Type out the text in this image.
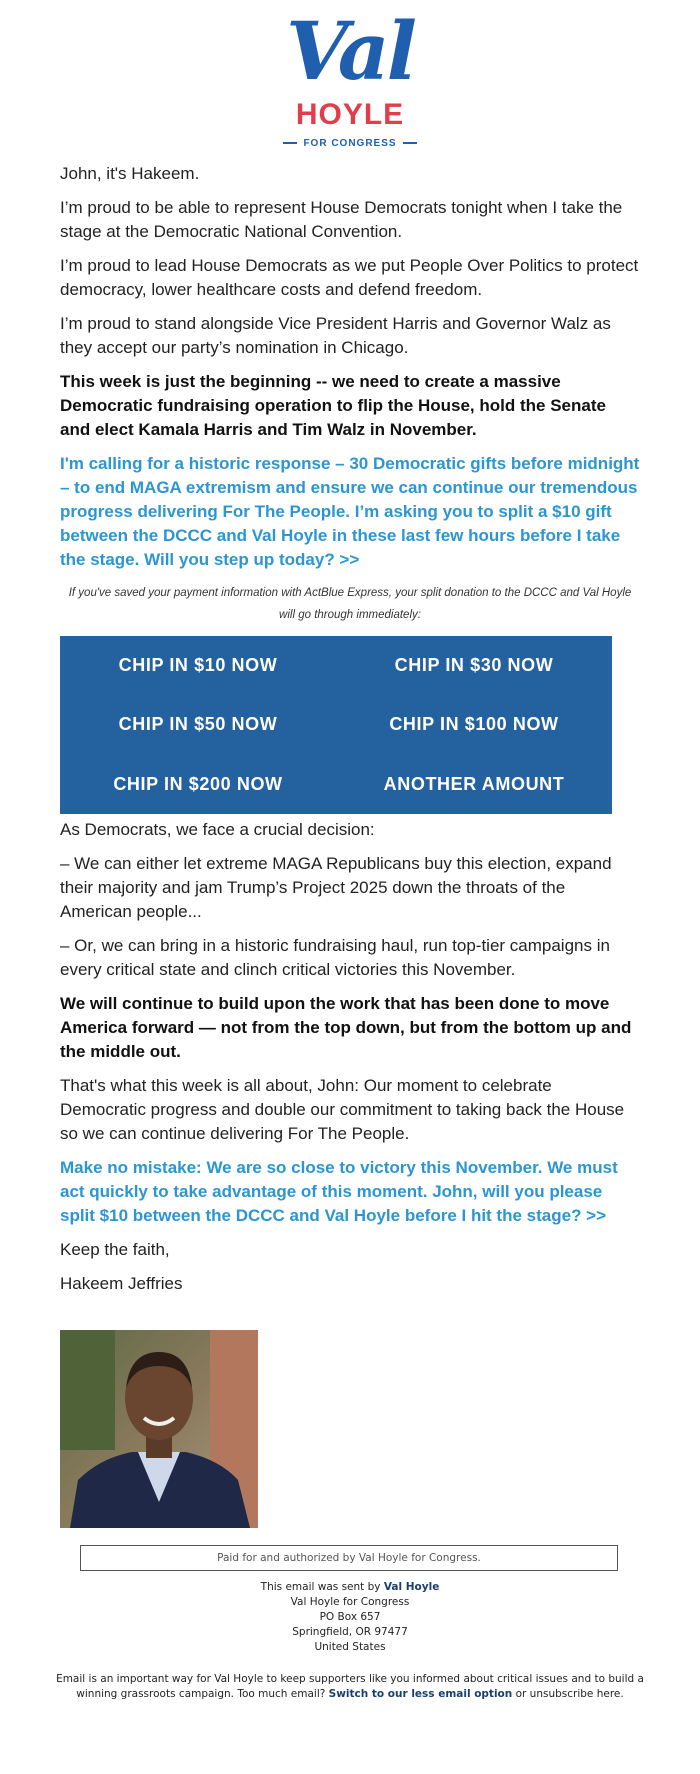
Val
HOYLE
FOR CONGRESS

John, it's Hakeem.

I’m proud to be able to represent House Democrats tonight when I take the stage at the Democratic National Convention.

I’m proud to lead House Democrats as we put People Over Politics to protect democracy, lower healthcare costs and defend freedom.

I’m proud to stand alongside Vice President Harris and Governor Walz as they accept our party’s nomination in Chicago.

This week is just the beginning -- we need to create a massive Democratic fundraising operation to flip the House, hold the Senate and elect Kamala Harris and Tim Walz in November.

I'm calling for a historic response – 30 Democratic gifts before midnight – to end MAGA extremism and ensure we can continue our tremendous progress delivering For The People. I’m asking you to split a $10 gift between the DCCC and Val Hoyle in these last few hours before I take the stage. Will you step up today? >>

If you've saved your payment information with ActBlue Express, your split donation to the DCCC and Val Hoyle will go through immediately:
CHIP IN $10 NOW	CHIP IN $30 NOW
CHIP IN $50 NOW	CHIP IN $100 NOW
CHIP IN $200 NOW	ANOTHER AMOUNT

As Democrats, we face a crucial decision:

– We can either let extreme MAGA Republicans buy this election, expand their majority and jam Trump’s Project 2025 down the throats of the American people...

– Or, we can bring in a historic fundraising haul, run top-tier campaigns in every critical state and clinch critical victories this November.

We will continue to build upon the work that has been done to move America forward — not from the top down, but from the bottom up and the middle out.

That's what this week is all about, John: Our moment to celebrate Democratic progress and double our commitment to taking back the House so we can continue delivering For The People.

Make no mistake: We are so close to victory this November. We must act quickly to take advantage of this moment. John, will you please split $10 between the DCCC and Val Hoyle before I hit the stage? >>

Keep the faith,

Hakeem Jeffries

Paid for and authorized by Val Hoyle for Congress.
This email was sent by Val Hoyle
Val Hoyle for Congress
PO Box 657
Springfield, OR 97477
United States
Email is an important way for Val Hoyle to keep supporters like you informed about critical issues and to build a winning grassroots campaign. Too much email? Switch to our less email option or unsubscribe here.
